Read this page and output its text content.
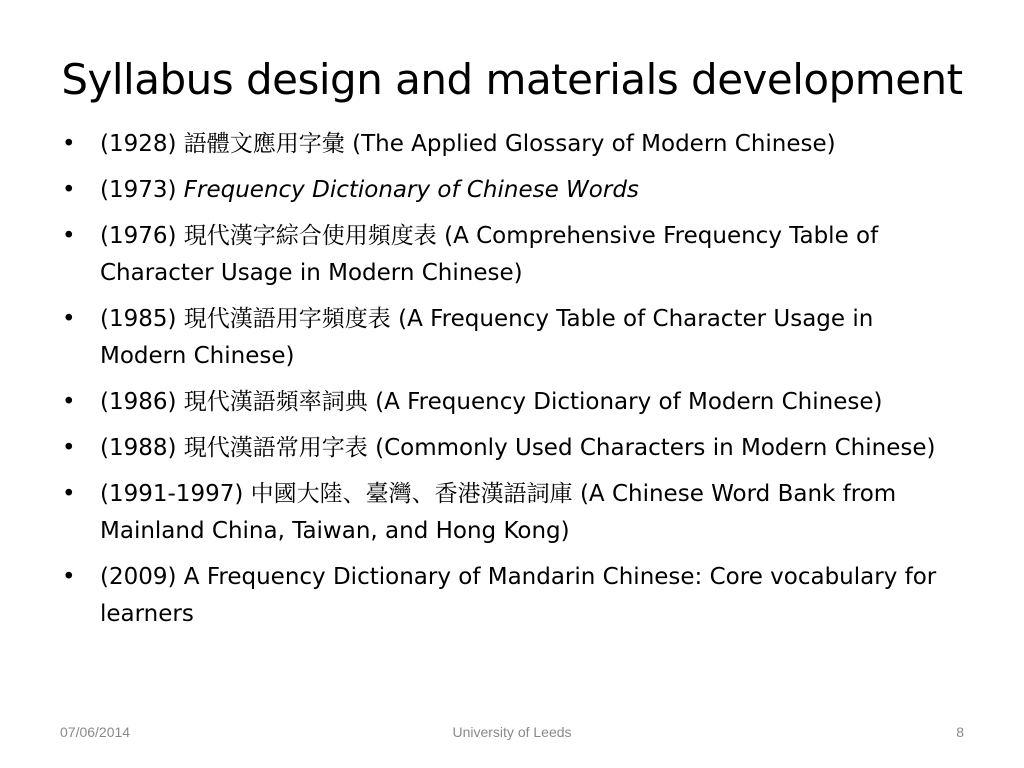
Syllabus design and materials development
• (1928) 語體文應用字彙 (The Applied Glossary of Modern Chinese)
• (1973) Frequency Dictionary of Chinese Words
• (1976) 現代漢字綜合使用頻度表 (A Comprehensive Frequency Table of Character Usage in Modern Chinese)
• (1985) 現代漢語用字頻度表 (A Frequency Table of Character Usage in Modern Chinese)
• (1986) 現代漢語頻率詞典 (A Frequency Dictionary of Modern Chinese)
• (1988) 現代漢語常用字表 (Commonly Used Characters in Modern Chinese)
• (1991-1997) 中國大陸、臺灣、香港漢語詞庫 (A Chinese Word Bank from Mainland China, Taiwan, and Hong Kong)
• (2009) A Frequency Dictionary of Mandarin Chinese: Core vocabulary for learners
07/06/2014	University of Leeds	8
